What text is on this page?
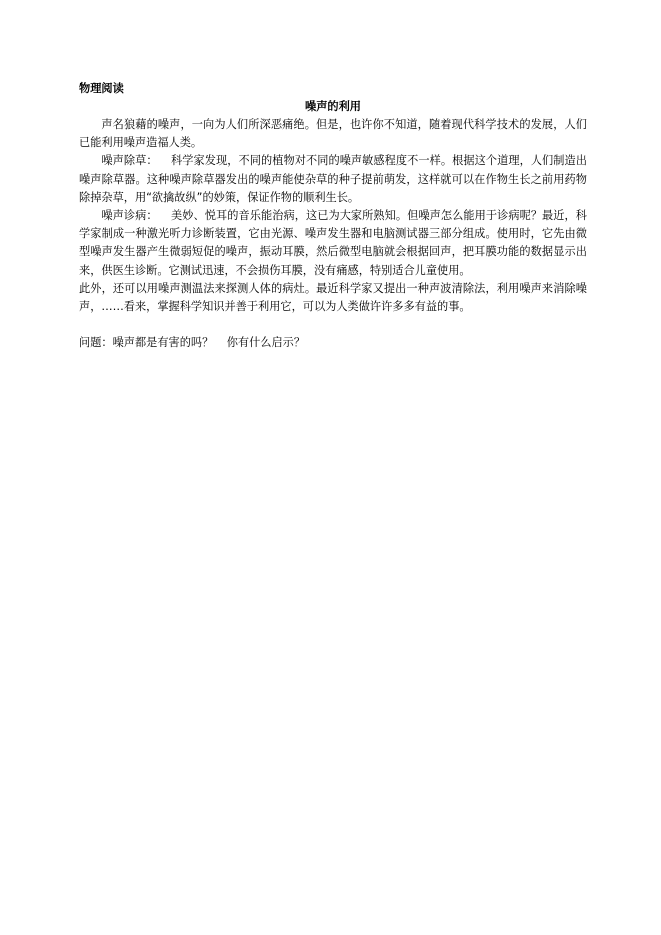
物理阅读
噪声的利用

声名狼藉的噪声，一向为人们所深恶痛绝。但是，也许你不知道，随着现代科学技术的发展，人们已能利用噪声造福人类。

噪声除草： 科学家发现，不同的植物对不同的噪声敏感程度不一样。根据这个道理，人们制造出噪声除草器。这种噪声除草器发出的噪声能使杂草的种子提前萌发，这样就可以在作物生长之前用药物除掉杂草，用“欲擒故纵”的妙策，保证作物的顺利生长。

噪声诊病： 美妙、悦耳的音乐能治病，这已为大家所熟知。但噪声怎么能用于诊病呢？最近，科学家制成一种激光听力诊断装置，它由光源、噪声发生器和电脑测试器三部分组成。使用时，它先由微型噪声发生器产生微弱短促的噪声，振动耳膜，然后微型电脑就会根据回声，把耳膜功能的数据显示出来，供医生诊断。它测试迅速，不会损伤耳膜，没有痛感，特别适合儿童使用。

此外，还可以用噪声测温法来探测人体的病灶。最近科学家又提出一种声波清除法，利用噪声来消除噪声，……看来，掌握科学知识并善于利用它，可以为人类做许许多多有益的事。

问题：噪声都是有害的吗？ 你有什么启示？
